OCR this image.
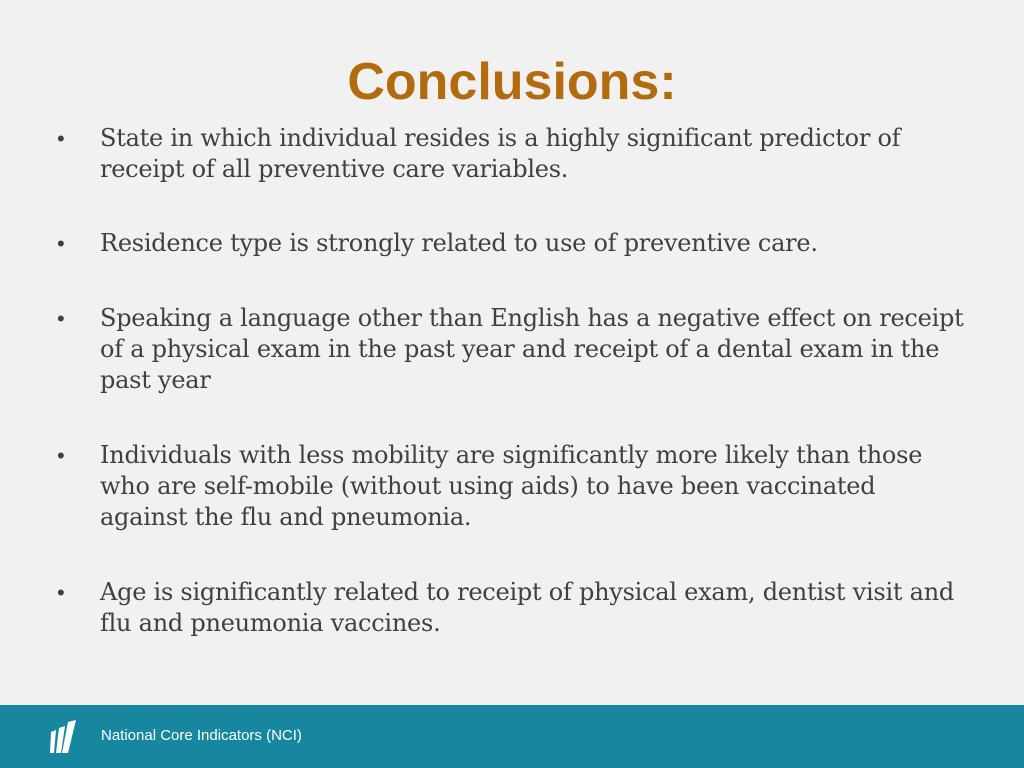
Conclusions:
•	State in which individual resides is a highly significant predictor of receipt of all preventive care variables.
•	Residence type is strongly related to use of preventive care.
•	Speaking a language other than English has a negative effect on receipt of a physical exam in the past year and receipt of a dental exam in the past year
•	Individuals with less mobility are significantly more likely than those who are self-mobile (without using aids) to have been vaccinated against the flu and pneumonia.
•	Age is significantly related to receipt of physical exam, dentist visit and flu and pneumonia vaccines.
National Core Indicators (NCI)
